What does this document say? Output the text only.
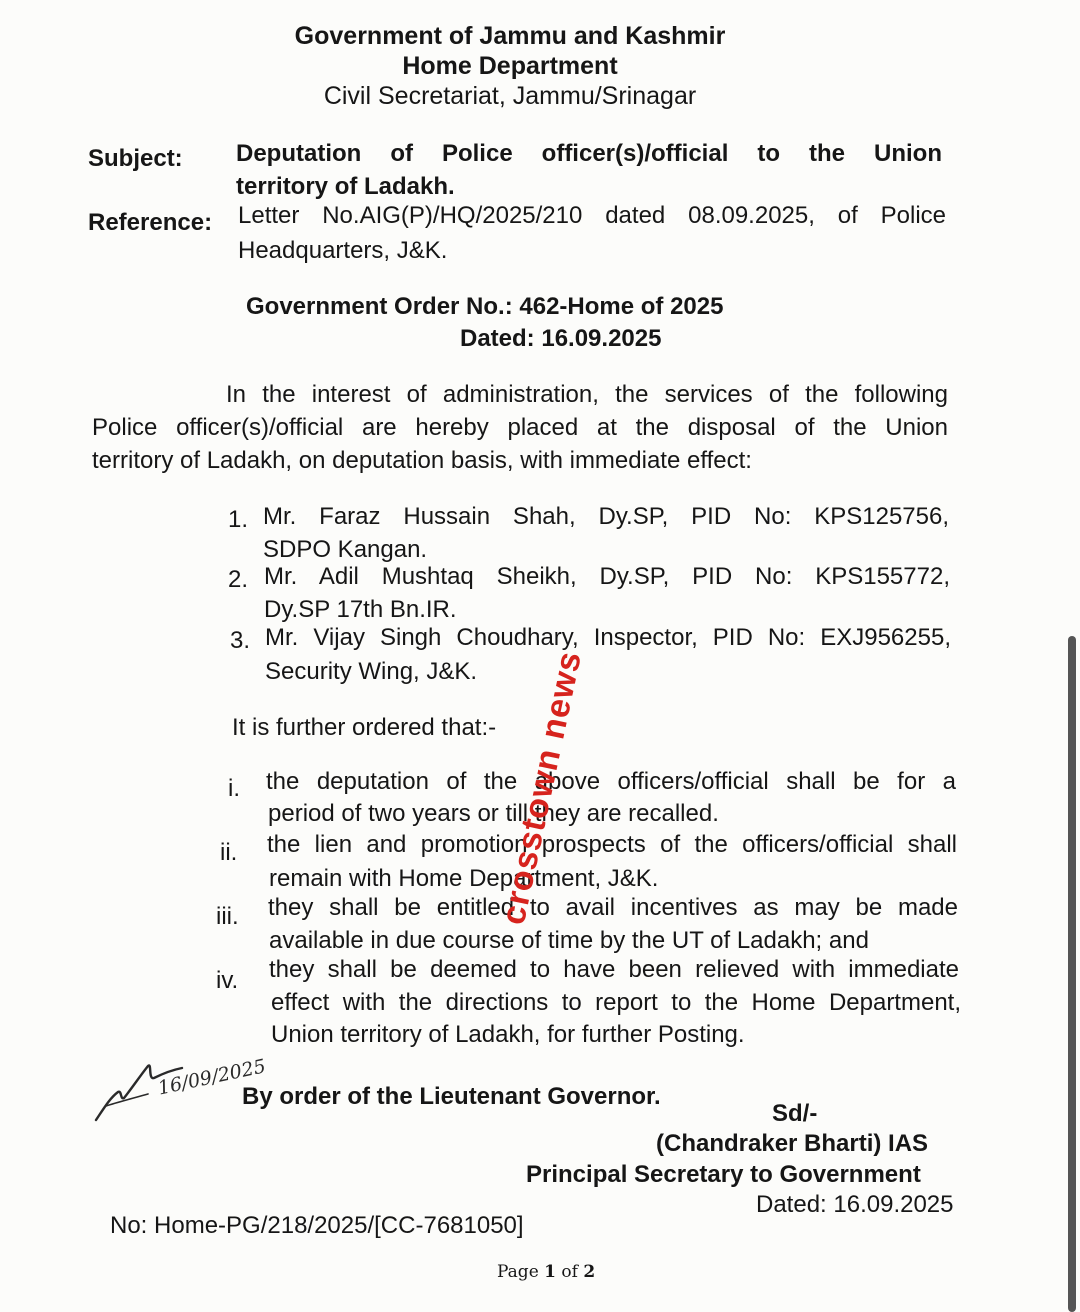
Government of Jammu and Kashmir
Home Department
Civil Secretariat, Jammu/Srinagar
Subject: Deputation of Police officer(s)/official to the Union
territory of Ladakh.
Reference: Letter No.AIG(P)/HQ/2025/210 dated 08.09.2025, of Police
Headquarters, J&K.
Government Order No.: 462-Home of 2025
Dated: 16.09.2025
In the interest of administration, the services of the following
Police officer(s)/official are hereby placed at the disposal of the Union
territory of Ladakh, on deputation basis, with immediate effect:
1. Mr. Faraz Hussain Shah, Dy.SP, PID No: KPS125756,
SDPO Kangan.
2. Mr. Adil Mushtaq Sheikh, Dy.SP, PID No: KPS155772,
Dy.SP 17th Bn.IR.
3. Mr. Vijay Singh Choudhary, Inspector, PID No: EXJ956255,
Security Wing, J&K.
It is further ordered that:-
i. the deputation of the above officers/official shall be for a
period of two years or till they are recalled.
ii. the lien and promotion prospects of the officers/official shall
remain with Home Department, J&K.
iii. they shall be entitled to avail incentives as may be made
available in due course of time by the UT of Ladakh; and
iv. they shall be deemed to have been relieved with immediate
effect with the directions to report to the Home Department,
Union territory of Ladakh, for further Posting.
16/09/2025
By order of the Lieutenant Governor.
Sd/-
(Chandraker Bharti) IAS
Principal Secretary to Government
Dated: 16.09.2025
No: Home-PG/218/2025/[CC-7681050]
Page 1 of 2
crosstown news
